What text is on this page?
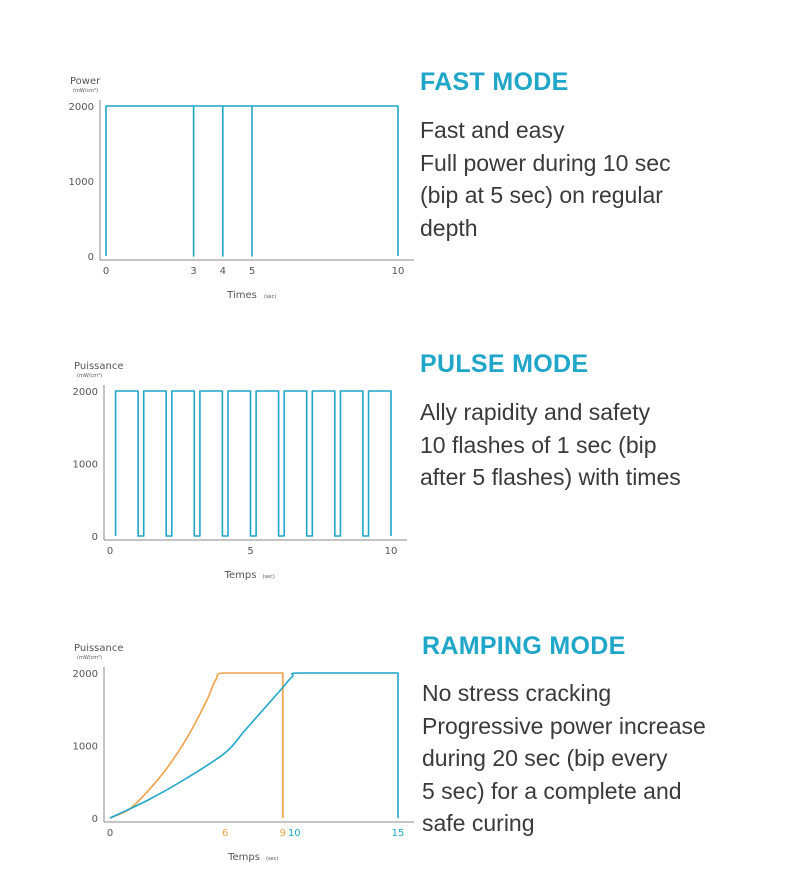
Power
(mW/cm²)
0
1000
2000
0	3 4 5	10
Times (sec)
FAST MODE
Fast and easy
Full power during 10 sec
(bip at 5 sec) on regular
depth
Puissance
(mW/cm²)
0
1000
2000
0	5	10
Temps (sec)
PULSE MODE
Ally rapidity and safety
10 flashes of 1 sec (bip
after 5 flashes) with times
Puissance
(mW/cm²)
0
1000
2000
0	6	9 10	15
Temps (sec)
RAMPING MODE
No stress cracking
Progressive power increase
during 20 sec (bip every
5 sec) for a complete and
safe curing
